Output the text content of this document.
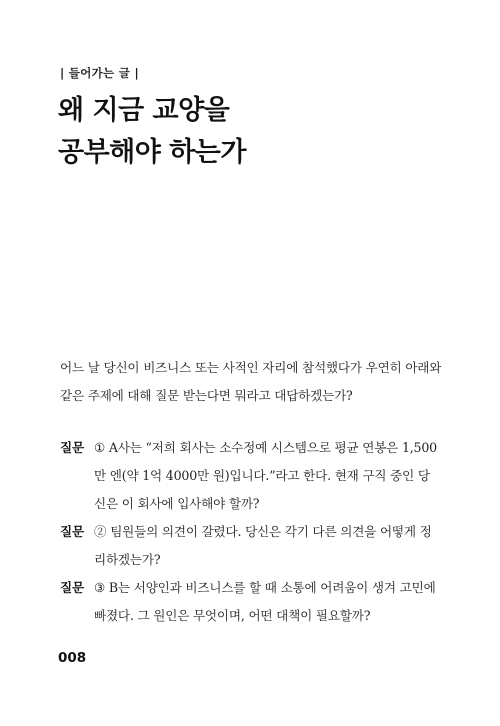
| 들어가는 글 |
왜 지금 교양을
공부해야 하는가
어느 날 당신이 비즈니스 또는 사적인 자리에 참석했다가 우연히 아래와
같은 주제에 대해 질문 받는다면 뭐라고 대답하겠는가?
질문 ① A사는 “저희 회사는 소수정예 시스템으로 평균 연봉은 1,500
만 엔(약 1억 4000만 원)입니다.”라고 한다. 현재 구직 중인 당
신은 이 회사에 입사해야 할까?
질문 ② 팀원들의 의견이 갈렸다. 당신은 각기 다른 의견을 어떻게 정
리하겠는가?
질문 ③ B는 서양인과 비즈니스를 할 때 소통에 어려움이 생겨 고민에
빠졌다. 그 원인은 무엇이며, 어떤 대책이 필요할까?
008
